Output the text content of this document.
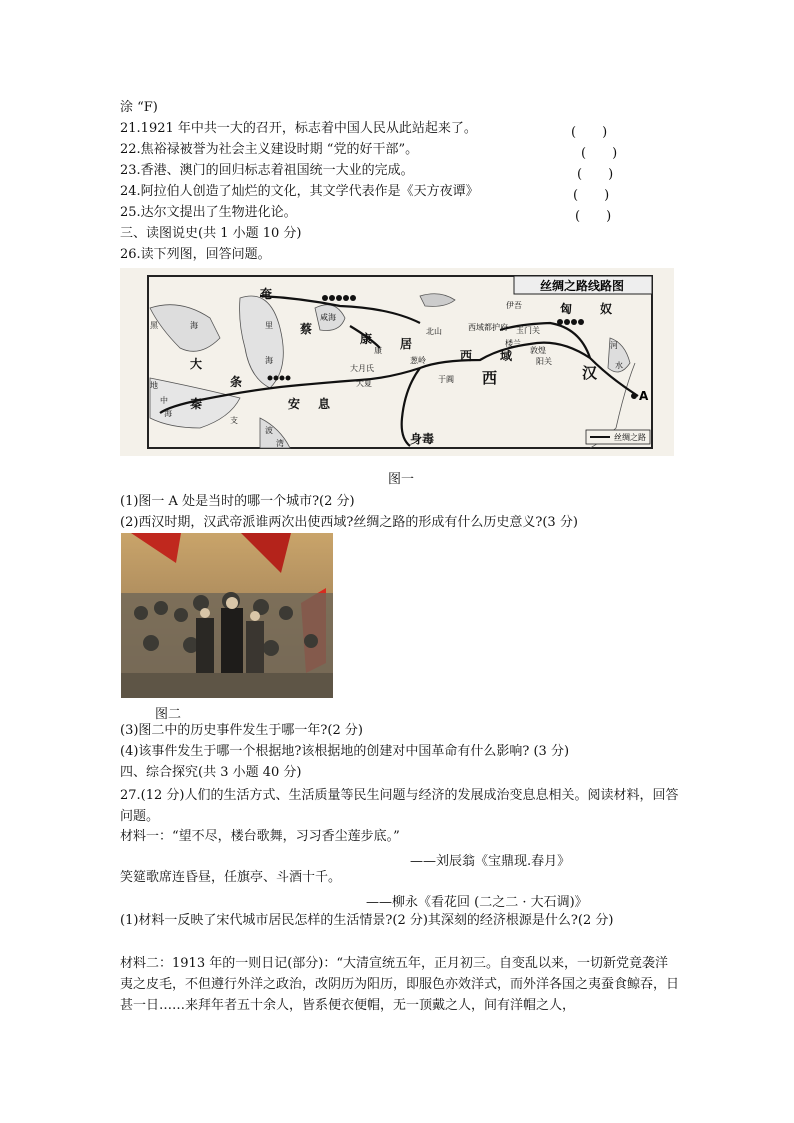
涂 “F)
21.1921 年中共一大的召开，标志着中国人民从此站起来了。	(　　)
22.焦裕禄被誉为社会主义建设时期 “党的好干部”。	(　　)
23.香港、澳门的回归标志着祖国统一大业的完成。	(　　)
24.阿拉伯人创造了灿烂的文化，其文学代表作是《天方夜谭》	(　　)
25.达尔文提出了生物进化论。	(　　)
三、读图说史(共 1 小题 10 分)
26.读下列图，回答问题。
丝绸之路线路图
奄
蔡
康 居
匈 奴
大
秦
条
安 息
西 域
西	汉
身毒
黑	海	里
海
咸海
支
大月氏
大夏
康
北山	西域都护府
伊吾
玉门关
楼兰
敦煌
阳关
葱岭
于阗
地
中
海
波
湾
河
水
A
丝绸之路
图一
(1)图一 A 处是当时的哪一个城市?(2 分)
(2)西汉时期，汉武帝派谁两次出使西域?丝绸之路的形成有什么历史意义?(3 分)
图二
(3)图二中的历史事件发生于哪一年?(2 分)
(4)该事件发生于哪一个根据地?该根据地的创建对中国革命有什么影响? (3 分)
四、综合探究(共 3 小题 40 分)
27.(12 分)人们的生活方式、生活质量等民生问题与经济的发展成治变息息相关。阅读材料，回答问题。
材料一：“望不尽，楼台歌舞，习习香尘莲步底。”
——刘辰翁《宝鼎现.春月》
笑筵歌席连昏昼，任旗亭、斗酒十千。
——柳永《看花回 (二之二 · 大石调)》
(1)材料一反映了宋代城市居民怎样的生活情景?(2 分)其深刻的经济根源是什么?(2 分)
材料二：1913 年的一则日记(部分)：“大清宣统五年，正月初三。自变乱以来，一切新党竟袭洋夷之皮毛，不但遵行外洋之政治，改阴历为阳历，即服色亦效洋式，而外洋各国之夷蚕食鲸吞，日甚一日……来拜年者五十余人，皆系便衣便帽，无一顶戴之人，间有洋帽之人，
